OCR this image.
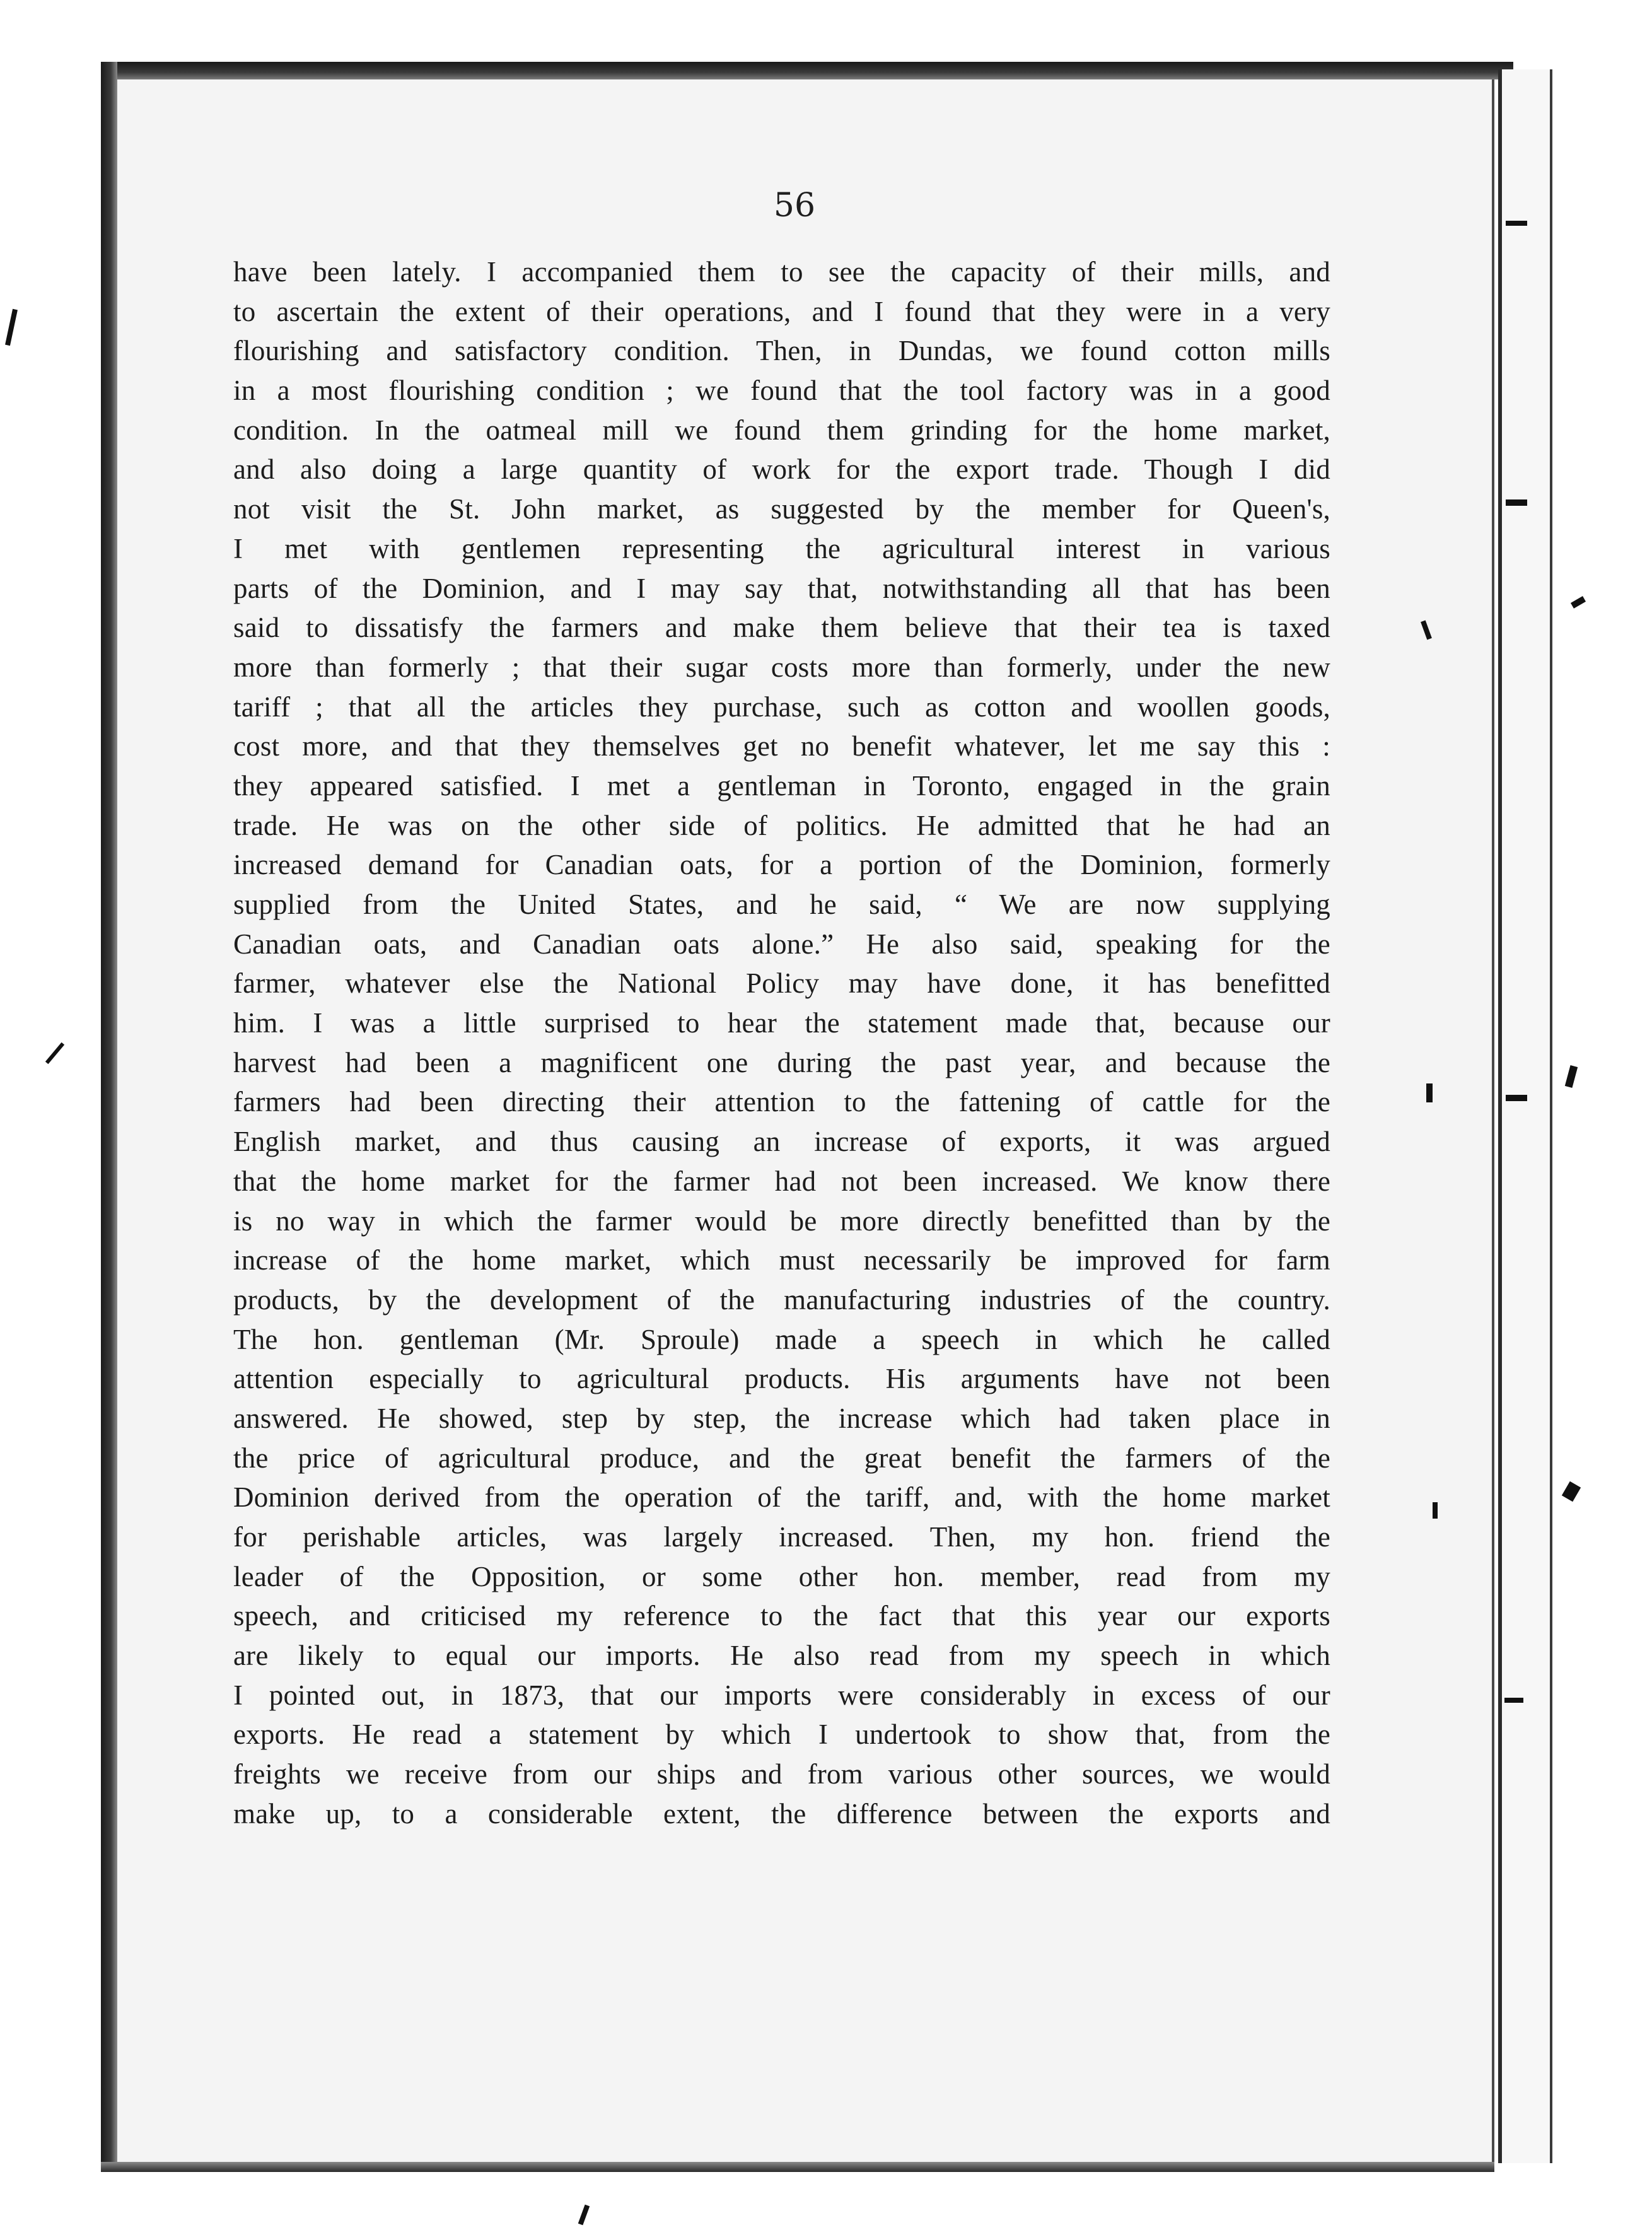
56
have been lately. I accompanied them to see the capacity of their mills, and
to ascertain the extent of their operations, and I found that they were in a very
flourishing and satisfactory condition. Then, in Dundas, we found cotton mills
in a most flourishing condition ; we found that the tool factory was in a good
condition. In the oatmeal mill we found them grinding for the home market,
and also doing a large quantity of work for the export trade. Though I did
not visit the St. John market, as suggested by the member for Queen's,
I met with gentlemen representing the agricultural interest in various
parts of the Dominion, and I may say that, notwithstanding all that has been
said to dissatisfy the farmers and make them believe that their tea is taxed
more than formerly ; that their sugar costs more than formerly, under the new
tariff ; that all the articles they purchase, such as cotton and woollen goods,
cost more, and that they themselves get no benefit whatever, let me say this :
they appeared satisfied. I met a gentleman in Toronto, engaged in the grain
trade. He was on the other side of politics. He admitted that he had an
increased demand for Canadian oats, for a portion of the Dominion, formerly
supplied from the United States, and he said, “ We are now supplying
Canadian oats, and Canadian oats alone.” He also said, speaking for the
farmer, whatever else the National Policy may have done, it has benefitted
him. I was a little surprised to hear the statement made that, because our
harvest had been a magnificent one during the past year, and because the
farmers had been directing their attention to the fattening of cattle for the
English market, and thus causing an increase of exports, it was argued
that the home market for the farmer had not been increased. We know there
is no way in which the farmer would be more directly benefitted than by the
increase of the home market, which must necessarily be improved for farm
products, by the development of the manufacturing industries of the country.
The hon. gentleman (Mr. Sproule) made a speech in which he called
attention especially to agricultural products. His arguments have not been
answered. He showed, step by step, the increase which had taken place in
the price of agricultural produce, and the great benefit the farmers of the
Dominion derived from the operation of the tariff, and, with the home market
for perishable articles, was largely increased. Then, my hon. friend the
leader of the Opposition, or some other hon. member, read from my
speech, and criticised my reference to the fact that this year our exports
are likely to equal our imports. He also read from my speech in which
I pointed out, in 1873, that our imports were considerably in excess of our
exports. He read a statement by which I undertook to show that, from the
freights we receive from our ships and from various other sources, we would
make up, to a considerable extent, the difference between the exports and
